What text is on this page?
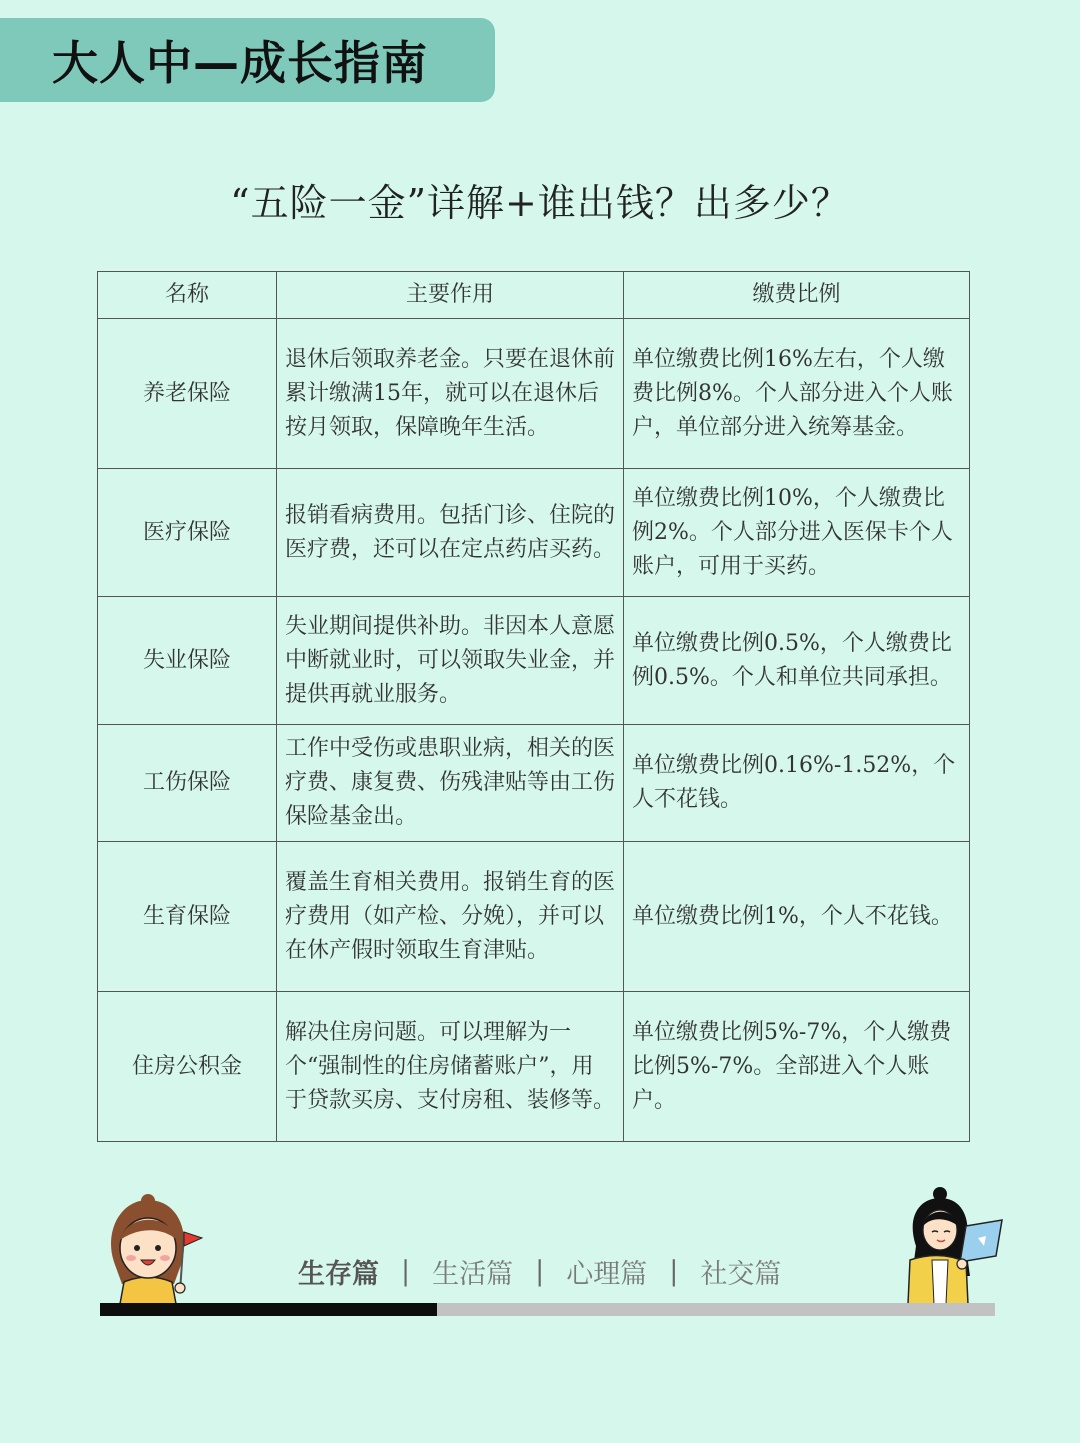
大人中—成长指南
“五险一金”详解+谁出钱？出多少？
名称	主要作用	缴费比例
养老保险	退休后领取养老金。只要在退休前累计缴满15年，就可以在退休后按月领取，保障晚年生活。	单位缴费比例16%左右，个人缴费比例8%。个人部分进入个人账户，单位部分进入统筹基金。
医疗保险	报销看病费用。包括门诊、住院的医疗费，还可以在定点药店买药。	单位缴费比例10%，个人缴费比例2%。个人部分进入医保卡个人账户，可用于买药。
失业保险	失业期间提供补助。非因本人意愿中断就业时，可以领取失业金，并提供再就业服务。	单位缴费比例0.5%，个人缴费比例0.5%。个人和单位共同承担。
工伤保险	工作中受伤或患职业病，相关的医疗费、康复费、伤残津贴等由工伤保险基金出。	单位缴费比例0.16%-1.52%，个人不花钱。
生育保险	覆盖生育相关费用。报销生育的医疗费用（如产检、分娩），并可以在休产假时领取生育津贴。	单位缴费比例1%，个人不花钱。
住房公积金	解决住房问题。可以理解为一个“强制性的住房储蓄账户”，用于贷款买房、支付房租、装修等。	单位缴费比例5%-7%，个人缴费比例5%-7%。全部进入个人账户。
生存篇 | 生活篇 | 心理篇 | 社交篇
